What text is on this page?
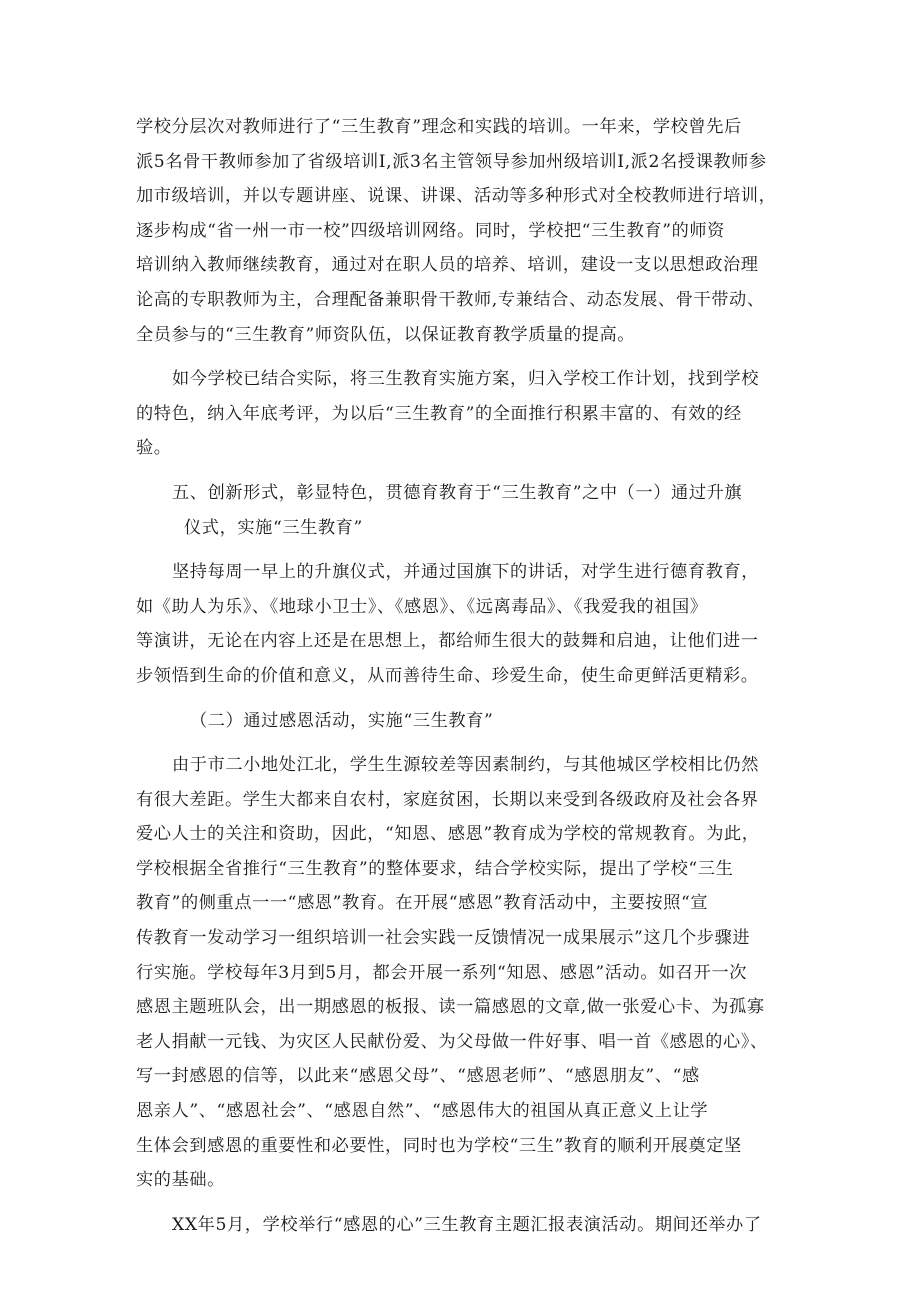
学校分层次对教师进行了“三生教育”理念和实践的培训。一年来，学校曾先后
派5名骨干教师参加了省级培训Ⅰ,派3名主管领导参加州级培训Ⅰ,派2名授课教师参
加市级培训，并以专题讲座、说课、讲课、活动等多种形式对全校教师进行培训，
逐步构成“省一州一市一校”四级培训网络。同时，学校把“三生教育”的师资
培训纳入教师继续教育，通过对在职人员的培养、培训，建设一支以思想政治理
论高的专职教师为主，合理配备兼职骨干教师,专兼结合、动态发展、骨干带动、
全员参与的“三生教育”师资队伍，以保证教育教学质量的提高。
如今学校已结合实际，将三生教育实施方案，归入学校工作计划，找到学校
的特色，纳入年底考评，为以后“三生教育”的全面推行积累丰富的、有效的经
验。
五、创新形式，彰显特色，贯德育教育于“三生教育”之中（一）通过升旗
仪式，实施“三生教育”
坚持每周一早上的升旗仪式，并通过国旗下的讲话，对学生进行德育教育，
如《助人为乐》、《地球小卫士》、《感恩》、《远离毒品》、《我爱我的祖国》
等演讲，无论在内容上还是在思想上，都给师生很大的鼓舞和启迪，让他们进一
步领悟到生命的价值和意义，从而善待生命、珍爱生命，使生命更鲜活更精彩。
（二）通过感恩活动，实施“三生教育”
由于市二小地处江北，学生生源较差等因素制约，与其他城区学校相比仍然
有很大差距。学生大都来自农村，家庭贫困，长期以来受到各级政府及社会各界
爱心人士的关注和资助，因此，“知恩、感恩”教育成为学校的常规教育。为此，
学校根据全省推行“三生教育”的整体要求，结合学校实际，提出了学校“三生
教育”的侧重点一一“感恩”教育。在开展“感恩”教育活动中，主要按照“宣
传教育一发动学习一组织培训一社会实践一反馈情况一成果展示”这几个步骤进
行实施。学校每年3月到5月，都会开展一系列“知恩、感恩”活动。如召开一次
感恩主题班队会，出一期感恩的板报、读一篇感恩的文章,做一张爱心卡、为孤寡
老人捐献一元钱、为灾区人民献份爱、为父母做一件好事、唱一首《感恩的心》、
写一封感恩的信等，以此来“感恩父母”、“感恩老师”、“感恩朋友”、“感
恩亲人”、“感恩社会”、“感恩自然”、“感恩伟大的祖国从真正意义上让学
生体会到感恩的重要性和必要性，同时也为学校“三生”教育的顺利开展奠定坚
实的基础。
XX年5月，学校举行“感恩的心”三生教育主题汇报表演活动。期间还举办了
